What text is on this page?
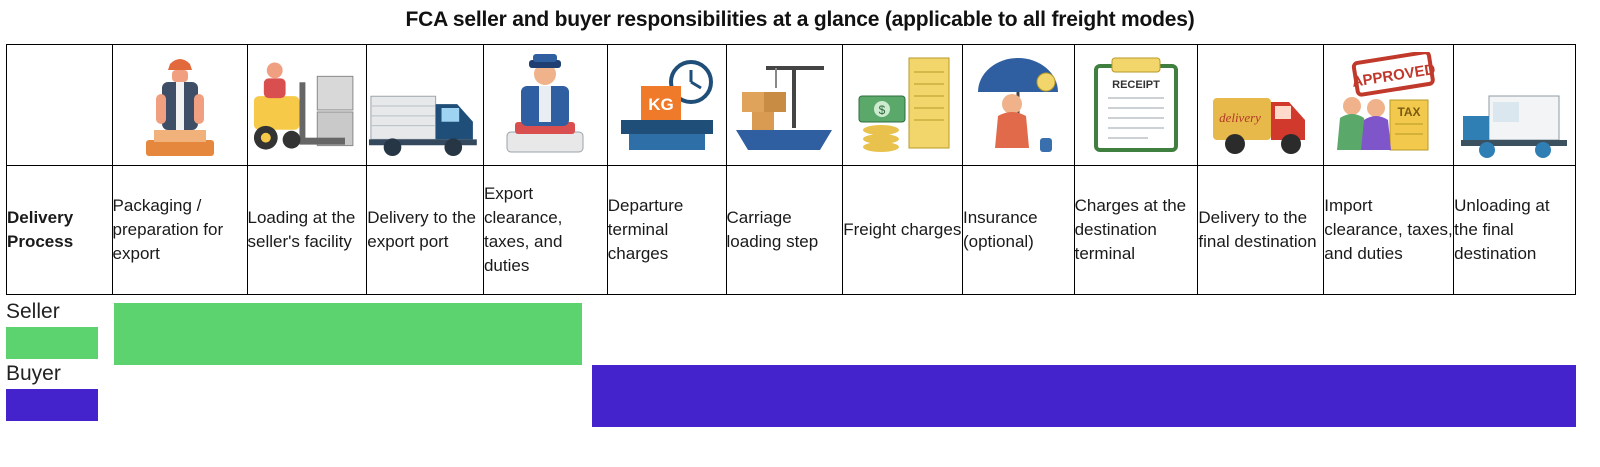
FCA seller and buyer responsibilities at a glance (applicable to all freight modes)

KG		$		RECEIPT	delivery	APPROVED
TAX

Delivery
Process	Packaging / preparation for export	Loading at the seller's facility	Delivery to the export port	Export clearance, taxes, and duties	Departure terminal charges	Carriage loading step	Freight charges	Insurance (optional)	Charges at the destination terminal	Delivery to the final destination	Import clearance, taxes, and duties	Unloading at the final destination
Seller
Buyer
